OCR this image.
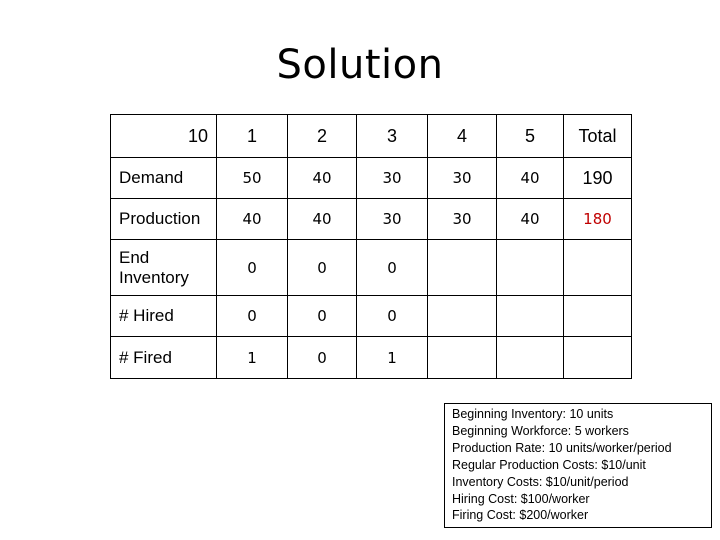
Solution
10	1	2	3	4	5	Total
Demand	50	40	30	30	40	190
Production	40	40	30	30	40	180
End Inventory	0	0	0			
# Hired	0	0	0			
# Fired	1	0	1			
Beginning Inventory: 10 units
Beginning Workforce: 5 workers
Production Rate: 10 units/worker/period
Regular Production Costs: $10/unit
Inventory Costs: $10/unit/period
Hiring Cost: $100/worker
Firing Cost: $200/worker
